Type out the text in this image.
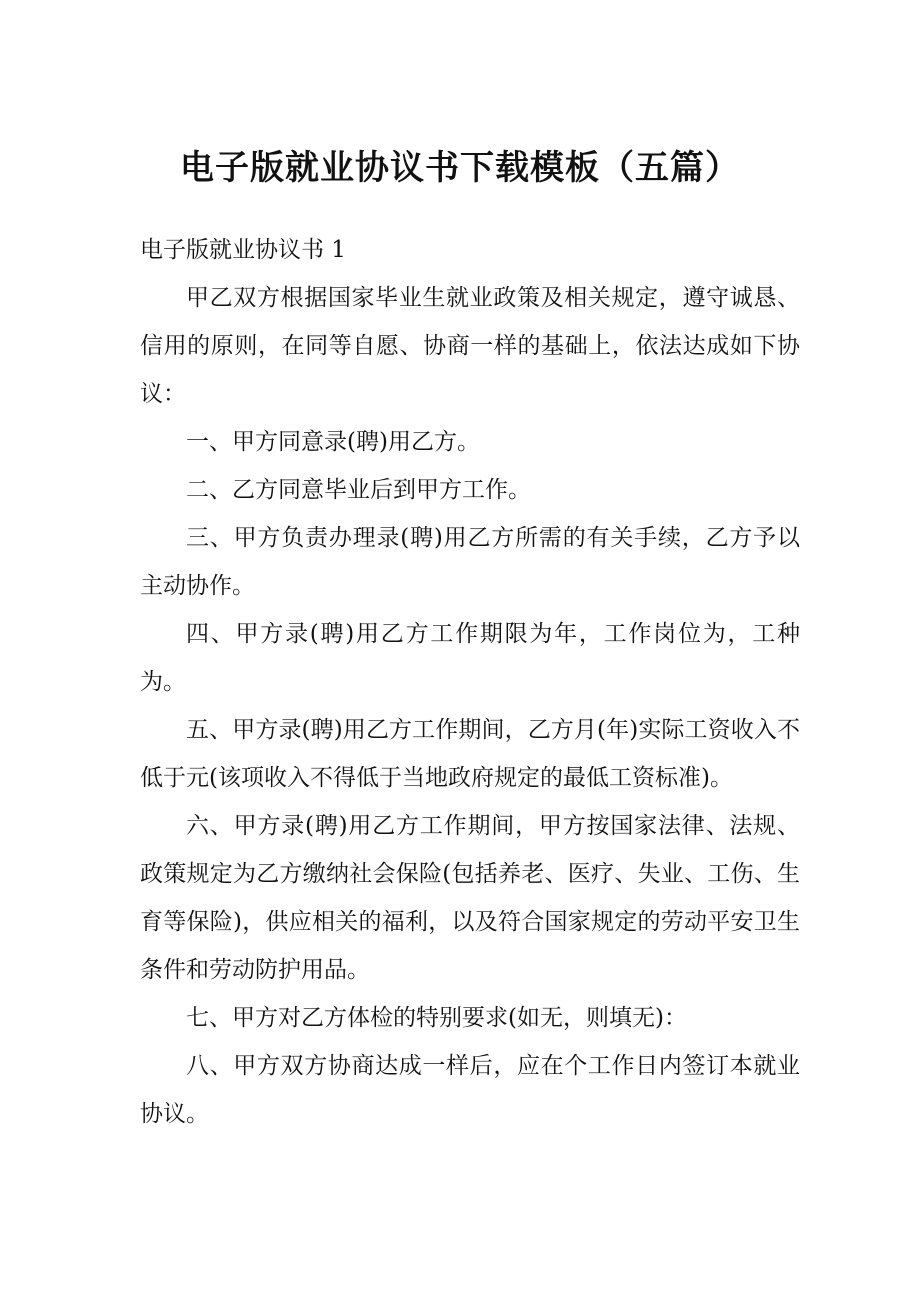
电子版就业协议书下载模板（五篇）

电子版就业协议书 1

甲乙双方根据国家毕业生就业政策及相关规定，遵守诚恳、信用的原则，在同等自愿、协商一样的基础上，依法达成如下协议：

一、甲方同意录(聘)用乙方。

二、乙方同意毕业后到甲方工作。

三、甲方负责办理录(聘)用乙方所需的有关手续，乙方予以主动协作。

四、甲方录(聘)用乙方工作期限为年，工作岗位为，工种为。

五、甲方录(聘)用乙方工作期间，乙方月(年)实际工资收入不低于元(该项收入不得低于当地政府规定的最低工资标准)。

六、甲方录(聘)用乙方工作期间，甲方按国家法律、法规、政策规定为乙方缴纳社会保险(包括养老、医疗、失业、工伤、生育等保险)，供应相关的福利，以及符合国家规定的劳动平安卫生条件和劳动防护用品。

七、甲方对乙方体检的特别要求(如无，则填无)：

八、甲方双方协商达成一样后，应在个工作日内签订本就业协议。
